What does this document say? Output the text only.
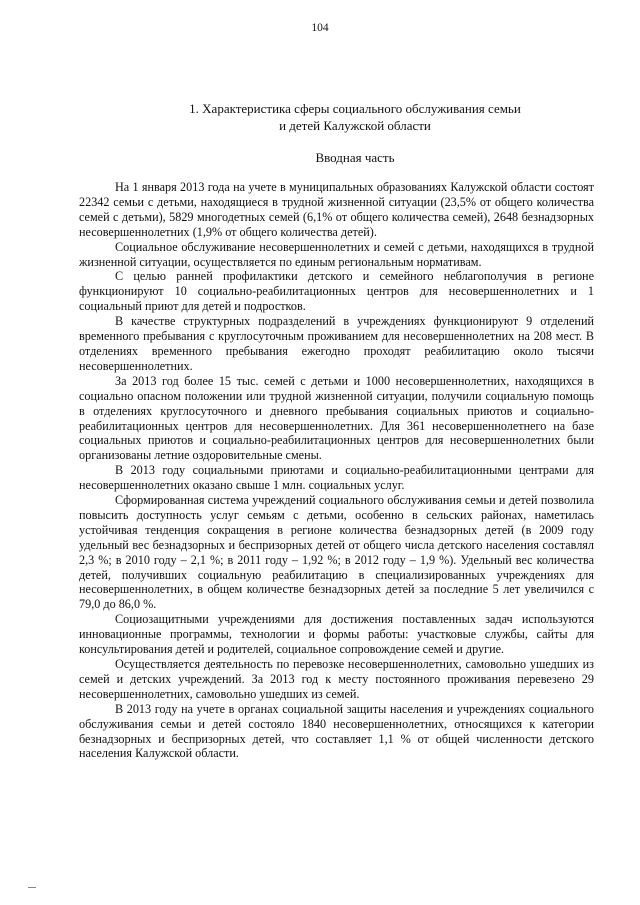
104
1. Характеристика сферы социального обслуживания семьи
и детей Калужской области
Вводная часть

На 1 января 2013 года на учете в муниципальных образованиях Калужской области состоят 22342 семьи с детьми, находящиеся в трудной жизненной ситуации (23,5% от общего количества семей с детьми), 5829 многодетных семей (6,1% от общего количества семей), 2648 безнадзорных несовершеннолетних (1,9% от общего количества детей).

Социальное обслуживание несовершеннолетних и семей с детьми, находящихся в трудной жизненной ситуации, осуществляется по единым региональным нормативам.

С целью ранней профилактики детского и семейного неблагополучия в регионе функционируют 10 социально-реабилитационных центров для несовершеннолетних и 1 социальный приют для детей и подростков.

В качестве структурных подразделений в учреждениях функционируют 9 отделений временного пребывания с круглосуточным проживанием для несовершеннолетних на 208 мест. В отделениях временного пребывания ежегодно проходят реабилитацию около тысячи несовершеннолетних.

За 2013 год более 15 тыс. семей с детьми и 1000 несовершеннолетних, находящихся в социально опасном положении или трудной жизненной ситуации, получили социальную помощь в отделениях круглосуточного и дневного пребывания социальных приютов и социально-реабилитационных центров для несовершеннолетних. Для 361 несовершеннолетнего на базе социальных приютов и социально-реабилитационных центров для несовершеннолетних были организованы летние оздоровительные смены.

В 2013 году социальными приютами и социально-реабилитационными центрами для несовершеннолетних оказано свыше 1 млн. социальных услуг.

Сформированная система учреждений социального обслуживания семьи и детей позволила повысить доступность услуг семьям с детьми, особенно в сельских районах, наметилась устойчивая тенденция сокращения в регионе количества безнадзорных детей (в 2009 году удельный вес безнадзорных и беспризорных детей от общего числа детского населения составлял 2,3 %; в 2010 году – 2,1 %; в 2011 году – 1,92 %; в 2012 году – 1,9 %). Удельный вес количества детей, получивших социальную реабилитацию в специализированных учреждениях для несовершеннолетних, в общем количестве безнадзорных детей за последние 5 лет увеличился с 79,0 до 86,0 %.

Социозащитными учреждениями для достижения поставленных задач используются инновационные программы, технологии и формы работы: участковые службы, сайты для консультирования детей и родителей, социальное сопровождение семей и другие.

Осуществляется деятельность по перевозке несовершеннолетних, самовольно ушедших из семей и детских учреждений. За 2013 год к месту постоянного проживания перевезено 29 несовершеннолетних, самовольно ушедших из семей.

В 2013 году на учете в органах социальной защиты населения и учреждениях социального обслуживания семьи и детей состояло 1840 несовершеннолетних, относящихся к категории безнадзорных и беспризорных детей, что составляет 1,1 % от общей численности детского населения Калужской области.
